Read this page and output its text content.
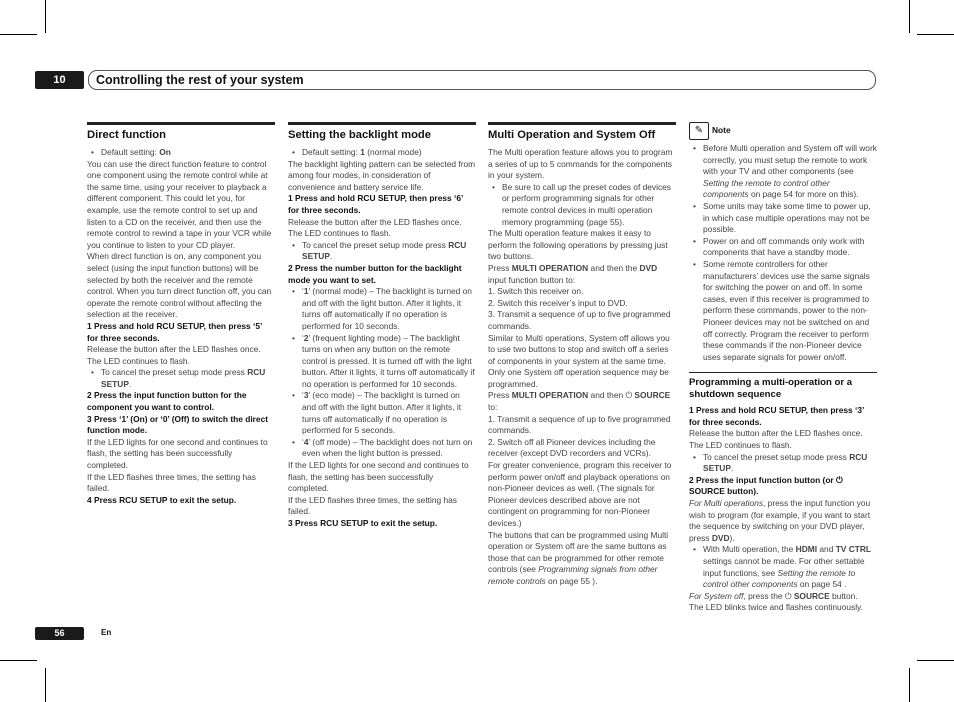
10	Controlling the rest of your system
Direct function

• Default setting: On

You can use the direct function feature to control one component using the remote control while at the same time, using your receiver to playback a different component. This could let you, for example, use the remote control to set up and listen to a CD on the receiver, and then use the remote control to rewind a tape in your VCR while you continue to listen to your CD player.

When direct function is on, any component you select (using the input function buttons) will be selected by both the receiver and the remote control. When you turn direct function off, you can operate the remote control without affecting the selection at the receiver.

1 Press and hold RCU SETUP, then press ‘5’ for three seconds.

Release the button after the LED flashes once.

The LED continues to flash.

• To cancel the preset setup mode press RCU SETUP.

2 Press the input function button for the component you want to control.

3 Press ‘1’ (On) or ‘0’ (Off) to switch the direct function mode.

If the LED lights for one second and continues to flash, the setting has been successfully completed.

If the LED flashes three times, the setting has failed.

4 Press RCU SETUP to exit the setup.

Setting the backlight mode

• Default setting: 1 (normal mode)

The backlight lighting pattern can be selected from among four modes, in consideration of convenience and battery service life.

1 Press and hold RCU SETUP, then press ‘6’ for three seconds.

Release the button after the LED flashes once. The LED continues to flash.

• To cancel the preset setup mode press RCU SETUP.

2 Press the number button for the backlight mode you want to set.

• ‘1’ (normal mode) – The backlight is turned on and off with the light button. After it lights, it turns off automatically if no operation is performed for 10 seconds.

• ‘2’ (frequent lighting mode) – The backlight turns on when any button on the remote control is pressed. It is turned off with the light button. After it lights, it turns off automatically if no operation is performed for 10 seconds.

• ‘3’ (eco mode) – The backlight is turned on and off with the light button. After it lights, it turns off automatically if no operation is performed for 5 seconds.

• ‘4’ (off mode) – The backlight does not turn on even when the light button is pressed.

If the LED lights for one second and continues to flash, the setting has been successfully completed.

If the LED flashes three times, the setting has failed.

3 Press RCU SETUP to exit the setup.

Multi Operation and System Off

The Multi operation feature allows you to program a series of up to 5 commands for the components in your system.

• Be sure to call up the preset codes of devices or perform programming signals for other remote control devices in multi operation memory programming (page 55).

The Multi operation feature makes it easy to perform the following operations by pressing just two buttons.

Press MULTI OPERATION and then the DVD input function button to:

1. Switch this receiver on.

2. Switch this receiver’s input to DVD.

3. Transmit a sequence of up to five programmed commands.

Similar to Multi operations, System off allows you to use two buttons to stop and switch off a series of components in your system at the same time. Only one System off operation sequence may be programmed.

Press MULTI OPERATION and then ⏻ SOURCE to:

1. Transmit a sequence of up to five programmed commands.

2. Switch off all Pioneer devices including the receiver (except DVD recorders and VCRs).

For greater convenience, program this receiver to perform power on/off and playback operations on non-Pioneer devices as well. (The signals for Pioneer devices described above are not contingent on programming for non-Pioneer devices.)

The buttons that can be programmed using Multi operation or System off are the same buttons as those that can be programmed for other remote controls (see Programming signals from other remote controls on page 55 ).

✎	Note

• Before Multi operation and System off will work correctly, you must setup the remote to work with your TV and other components (see Setting the remote to control other components on page 54 for more on this).

• Some units may take some time to power up, in which case multiple operations may not be possible.

• Power on and off commands only work with components that have a standby mode.

• Some remote controllers for other manufacturers’ devices use the same signals for switching the power on and off. In some cases, even if this receiver is programmed to perform these commands, power to the non-Pioneer devices may not be switched on and off correctly. Program the receiver to perform these commands if the non-Pioneer device uses separate signals for power on/off.

Programming a multi-operation or a shutdown sequence

1 Press and hold RCU SETUP, then press ‘3’ for three seconds.

Release the button after the LED flashes once. The LED continues to flash.

• To cancel the preset setup mode press RCU SETUP.

2 Press the input function button (or ⏻ SOURCE button).

For Multi operations, press the input function you wish to program (for example, if you want to start the sequence by switching on your DVD player, press DVD).

• With Multi operation, the HDMI and TV CTRL settings cannot be made. For other settable input functions, see Setting the remote to control other components on page 54 .

For System off, press the ⏻ SOURCE button.

The LED blinks twice and flashes continuously.

56	En
